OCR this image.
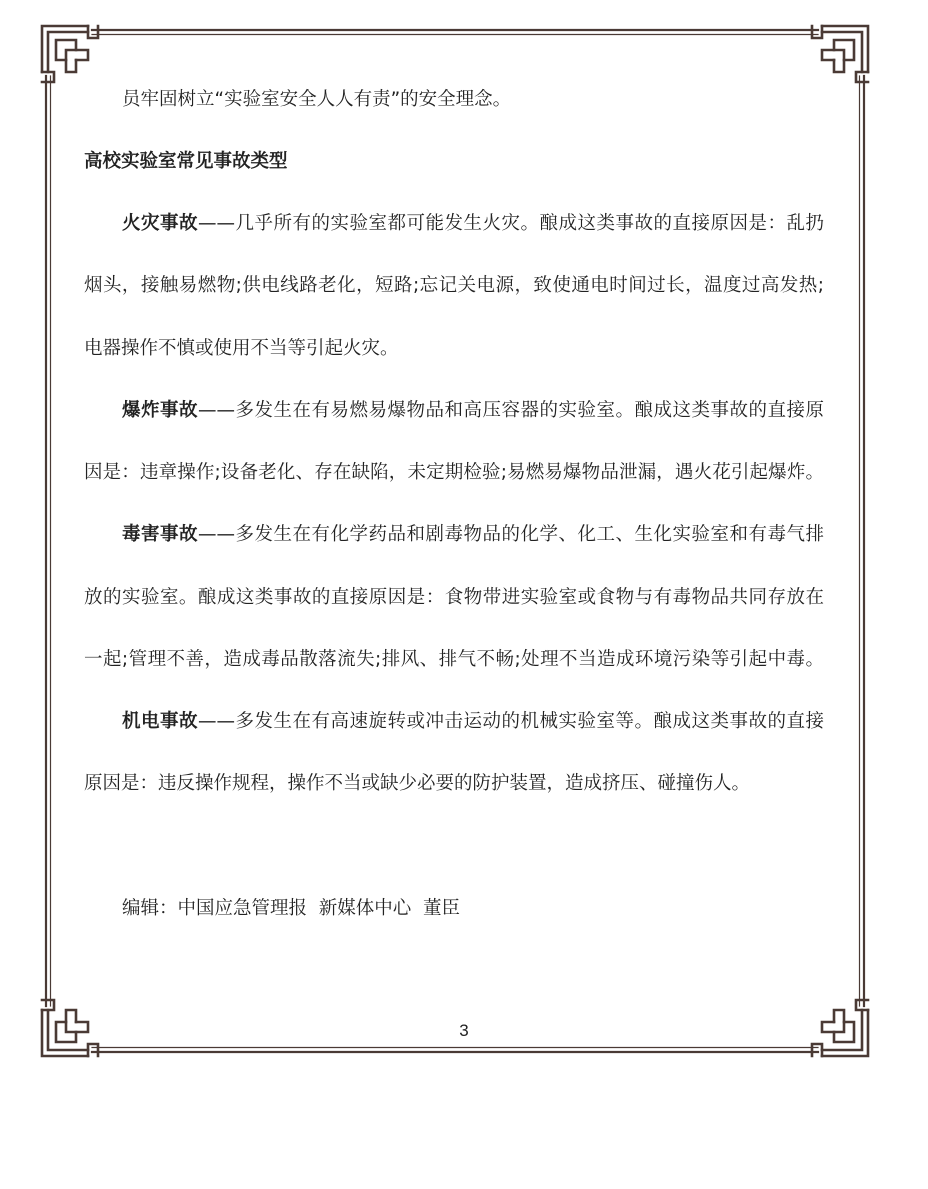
员牢固树立“实验室安全人人有责”的安全理念。
高校实验室常见事故类型
火灾事故——几乎所有的实验室都可能发生火灾。酿成这类事故的直接原因是：乱扔
烟头，接触易燃物;供电线路老化，短路;忘记关电源，致使通电时间过长，温度过高发热;
电器操作不慎或使用不当等引起火灾。
爆炸事故——多发生在有易燃易爆物品和高压容器的实验室。酿成这类事故的直接原
因是：违章操作;设备老化、存在缺陷，未定期检验;易燃易爆物品泄漏，遇火花引起爆炸。
毒害事故——多发生在有化学药品和剧毒物品的化学、化工、生化实验室和有毒气排
放的实验室。酿成这类事故的直接原因是：食物带进实验室或食物与有毒物品共同存放在
一起;管理不善，造成毒品散落流失;排风、排气不畅;处理不当造成环境污染等引起中毒。
机电事故——多发生在有高速旋转或冲击运动的机械实验室等。酿成这类事故的直接
原因是：违反操作规程，操作不当或缺少必要的防护装置，造成挤压、碰撞伤人。
编辑：中国应急管理报  新媒体中心  董臣
3
